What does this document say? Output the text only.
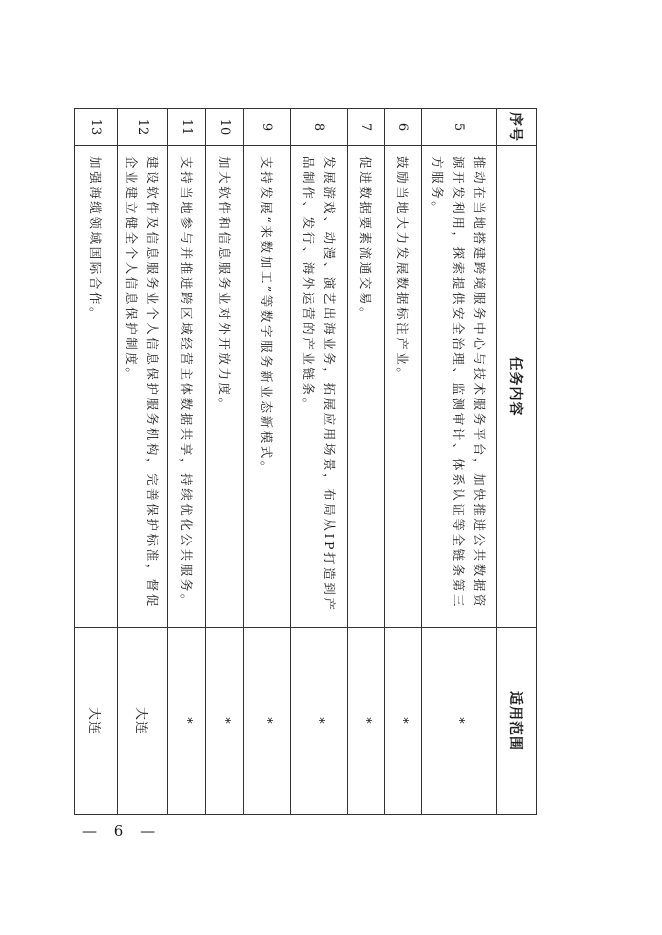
序号	任务内容	适用范围
5	推动在当地搭建跨境服务中心与技术服务平台，加快推进公共数据资源开发利用，探索提供安全治理、监测审计、体系认证等全链条第三方服务。	*
6	鼓励当地大力发展数据标注产业。	*
7	促进数据要素流通交易。	*
8	发展游戏、动漫、演艺出海业务，拓展应用场景，布局从IP打造到产品制作、发行、海外运营的产业链条。	*
9	支持发展“来数加工”等数字服务新业态新模式。	*
10	加大软件和信息服务业对外开放力度。	*
11	支持当地参与并推进跨区域经营主体数据共享，持续优化公共服务。	*
12	建设软件及信息服务业个人信息保护服务机构，完善保护标准，督促企业建立健全个人信息保护制度。	大连
13	加强海缆领域国际合作。	大连
— 6 —
